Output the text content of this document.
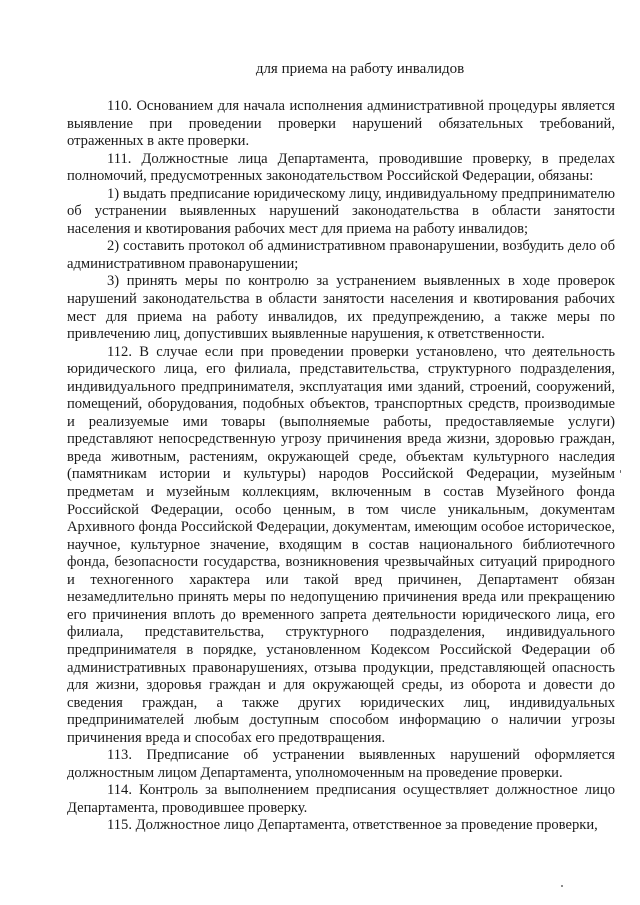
для приема на работу инвалидов

110. Основанием для начала исполнения административной процедуры является выявление при проведении проверки нарушений обязательных требований, отраженных в акте проверки.

111. Должностные лица Департамента, проводившие проверку, в пределах полномочий, предусмотренных законодательством Российской Федерации, обязаны:

1) выдать предписание юридическому лицу, индивидуальному предпринимателю об устранении выявленных нарушений законодательства в области занятости населения и квотирования рабочих мест для приема на работу инвалидов;

2) составить протокол об административном правонарушении, возбудить дело об административном правонарушении;

3) принять меры по контролю за устранением выявленных в ходе проверок нарушений законодательства в области занятости населения и квотирования рабочих мест для приема на работу инвалидов, их предупреждению, а также меры по привлечению лиц, допустивших выявленные нарушения, к ответственности.

112. В случае если при проведении проверки установлено, что деятельность юридического лица, его филиала, представительства, структурного подразделения, индивидуального предпринимателя, эксплуатация ими зданий, строений, сооружений, помещений, оборудования, подобных объектов, транспортных средств, производимые и реализуемые ими товары (выполняемые работы, предоставляемые услуги) представляют непосредственную угрозу причинения вреда жизни, здоровью граждан, вреда животным, растениям, окружающей среде, объектам культурного наследия (памятникам истории и культуры) народов Российской Федерации, музейным предметам и музейным коллекциям, включенным в состав Музейного фонда Российской Федерации, особо ценным, в том числе уникальным, документам Архивного фонда Российской Федерации, документам, имеющим особое историческое, научное, культурное значение, входящим в состав национального библиотечного фонда, безопасности государства, возникновения чрезвычайных ситуаций природного и техногенного характера или такой вред причинен, Департамент обязан незамедлительно принять меры по недопущению причинения вреда или прекращению его причинения вплоть до временного запрета деятельности юридического лица, его филиала, представительства, структурного подразделения, индивидуального предпринимателя в порядке, установленном Кодексом Российской Федерации об административных правонарушениях, отзыва продукции, представляющей опасность для жизни, здоровья граждан и для окружающей среды, из оборота и довести до сведения граждан, а также других юридических лиц, индивидуальных предпринимателей любым доступным способом информацию о наличии угрозы причинения вреда и способах его предотвращения.

113. Предписание об устранении выявленных нарушений оформляется должностным лицом Департамента, уполномоченным на проведение проверки.

114. Контроль за выполнением предписания осуществляет должностное лицо Департамента, проводившее проверку.

115. Должностное лицо Департамента, ответственное за проведение проверки,
